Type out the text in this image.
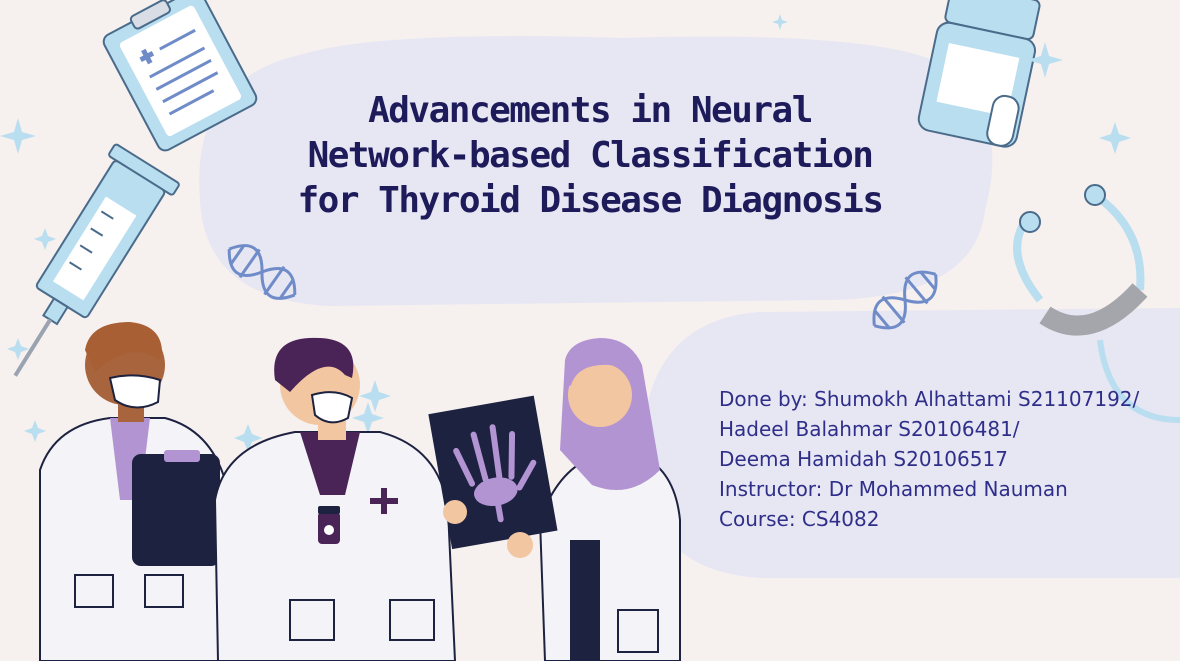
Advancements in Neural
Network-based Classification
for Thyroid Disease Diagnosis
Done by: Shumokh Alhattami S21107192/
Hadeel Balahmar S20106481/
Deema Hamidah S20106517
Instructor: Dr Mohammed Nauman
Course: CS4082
